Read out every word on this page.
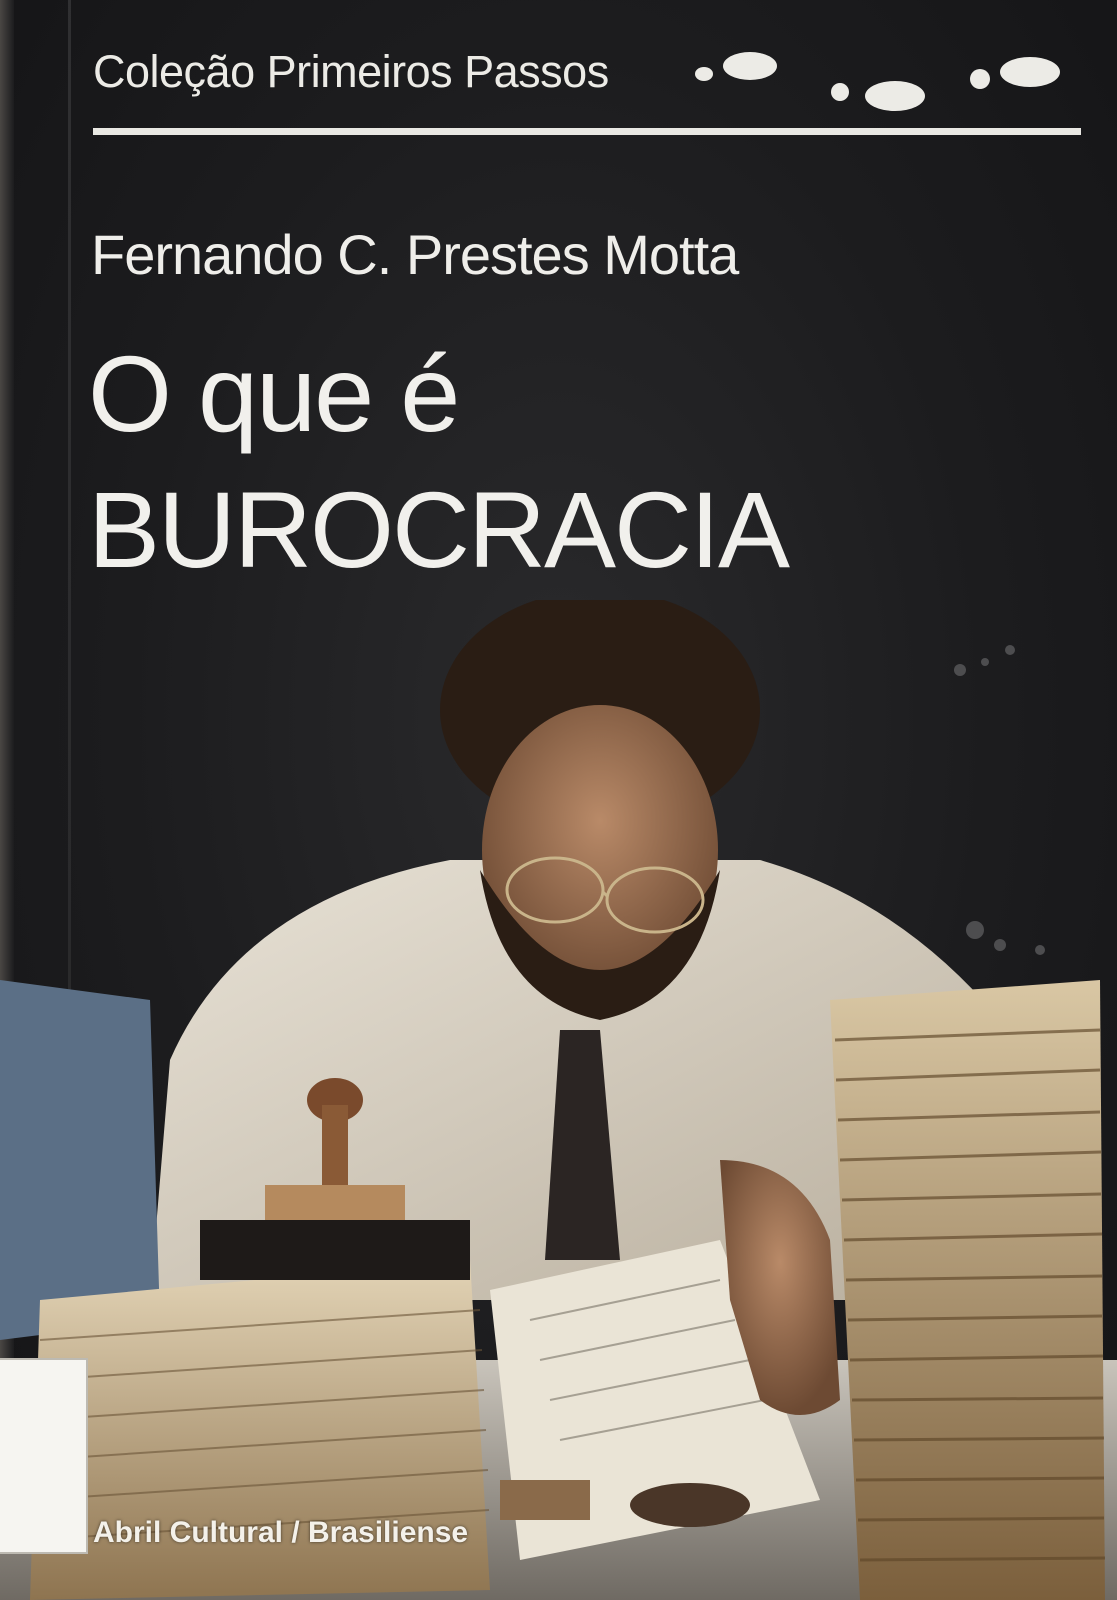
Coleção Primeiros Passos
Fernando C. Prestes Motta
O que é
BUROCRACIA
Abril Cultural / Brasiliense
